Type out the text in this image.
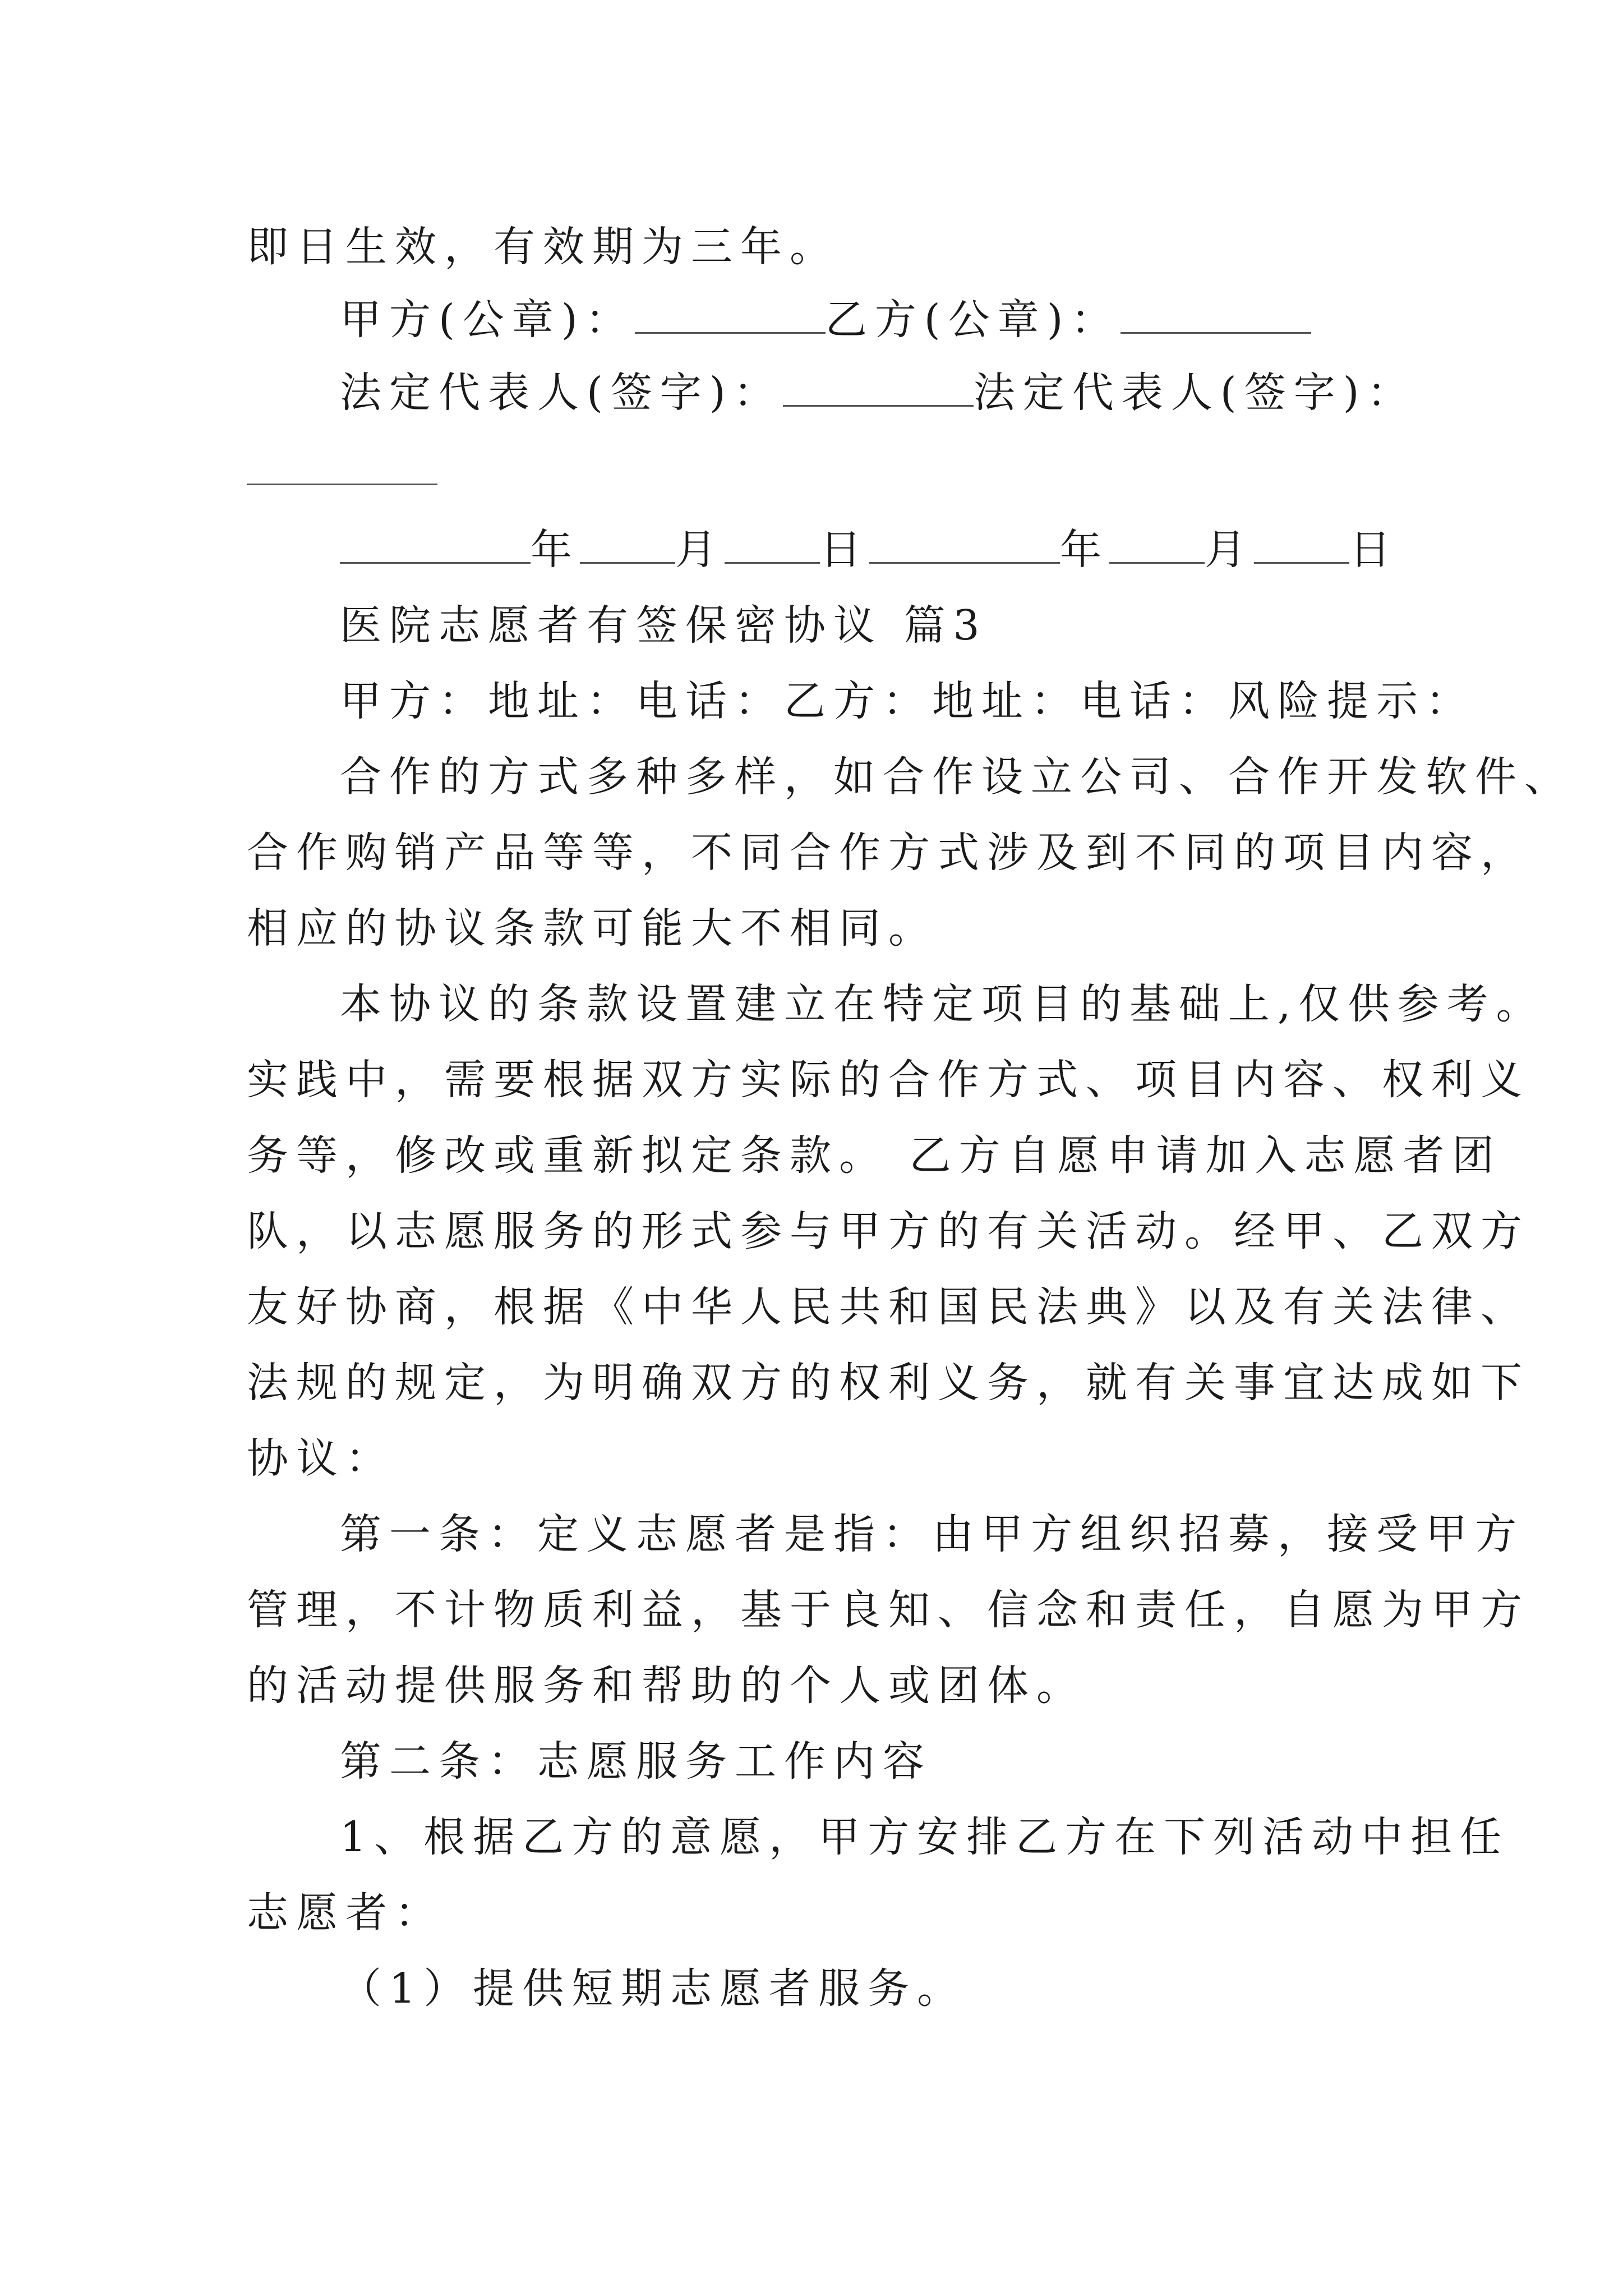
即日生效，有效期为三年。
甲方(公章)：	乙方(公章)：
法定代表人(签字)：	法定代表人(签字)：
年 月 日	年 月 日
医院志愿者有签保密协议 篇3
甲方：地址：电话：乙方：地址：电话：风险提示：
合作的方式多种多样，如合作设立公司、合作开发软件、
合作购销产品等等，不同合作方式涉及到不同的项目内容，
相应的协议条款可能大不相同。
本协议的条款设置建立在特定项目的基础上,仅供参考。
实践中，需要根据双方实际的合作方式、项目内容、权利义
务等，修改或重新拟定条款。 乙方自愿申请加入志愿者团
队，以志愿服务的形式参与甲方的有关活动。经甲、乙双方
友好协商，根据《中华人民共和国民法典》以及有关法律、
法规的规定，为明确双方的权利义务，就有关事宜达成如下
协议：
第一条：定义志愿者是指：由甲方组织招募，接受甲方
管理，不计物质利益，基于良知、信念和责任，自愿为甲方
的活动提供服务和帮助的个人或团体。
第二条：志愿服务工作内容
1、根据乙方的意愿，甲方安排乙方在下列活动中担任
志愿者：
（1）提供短期志愿者服务。
